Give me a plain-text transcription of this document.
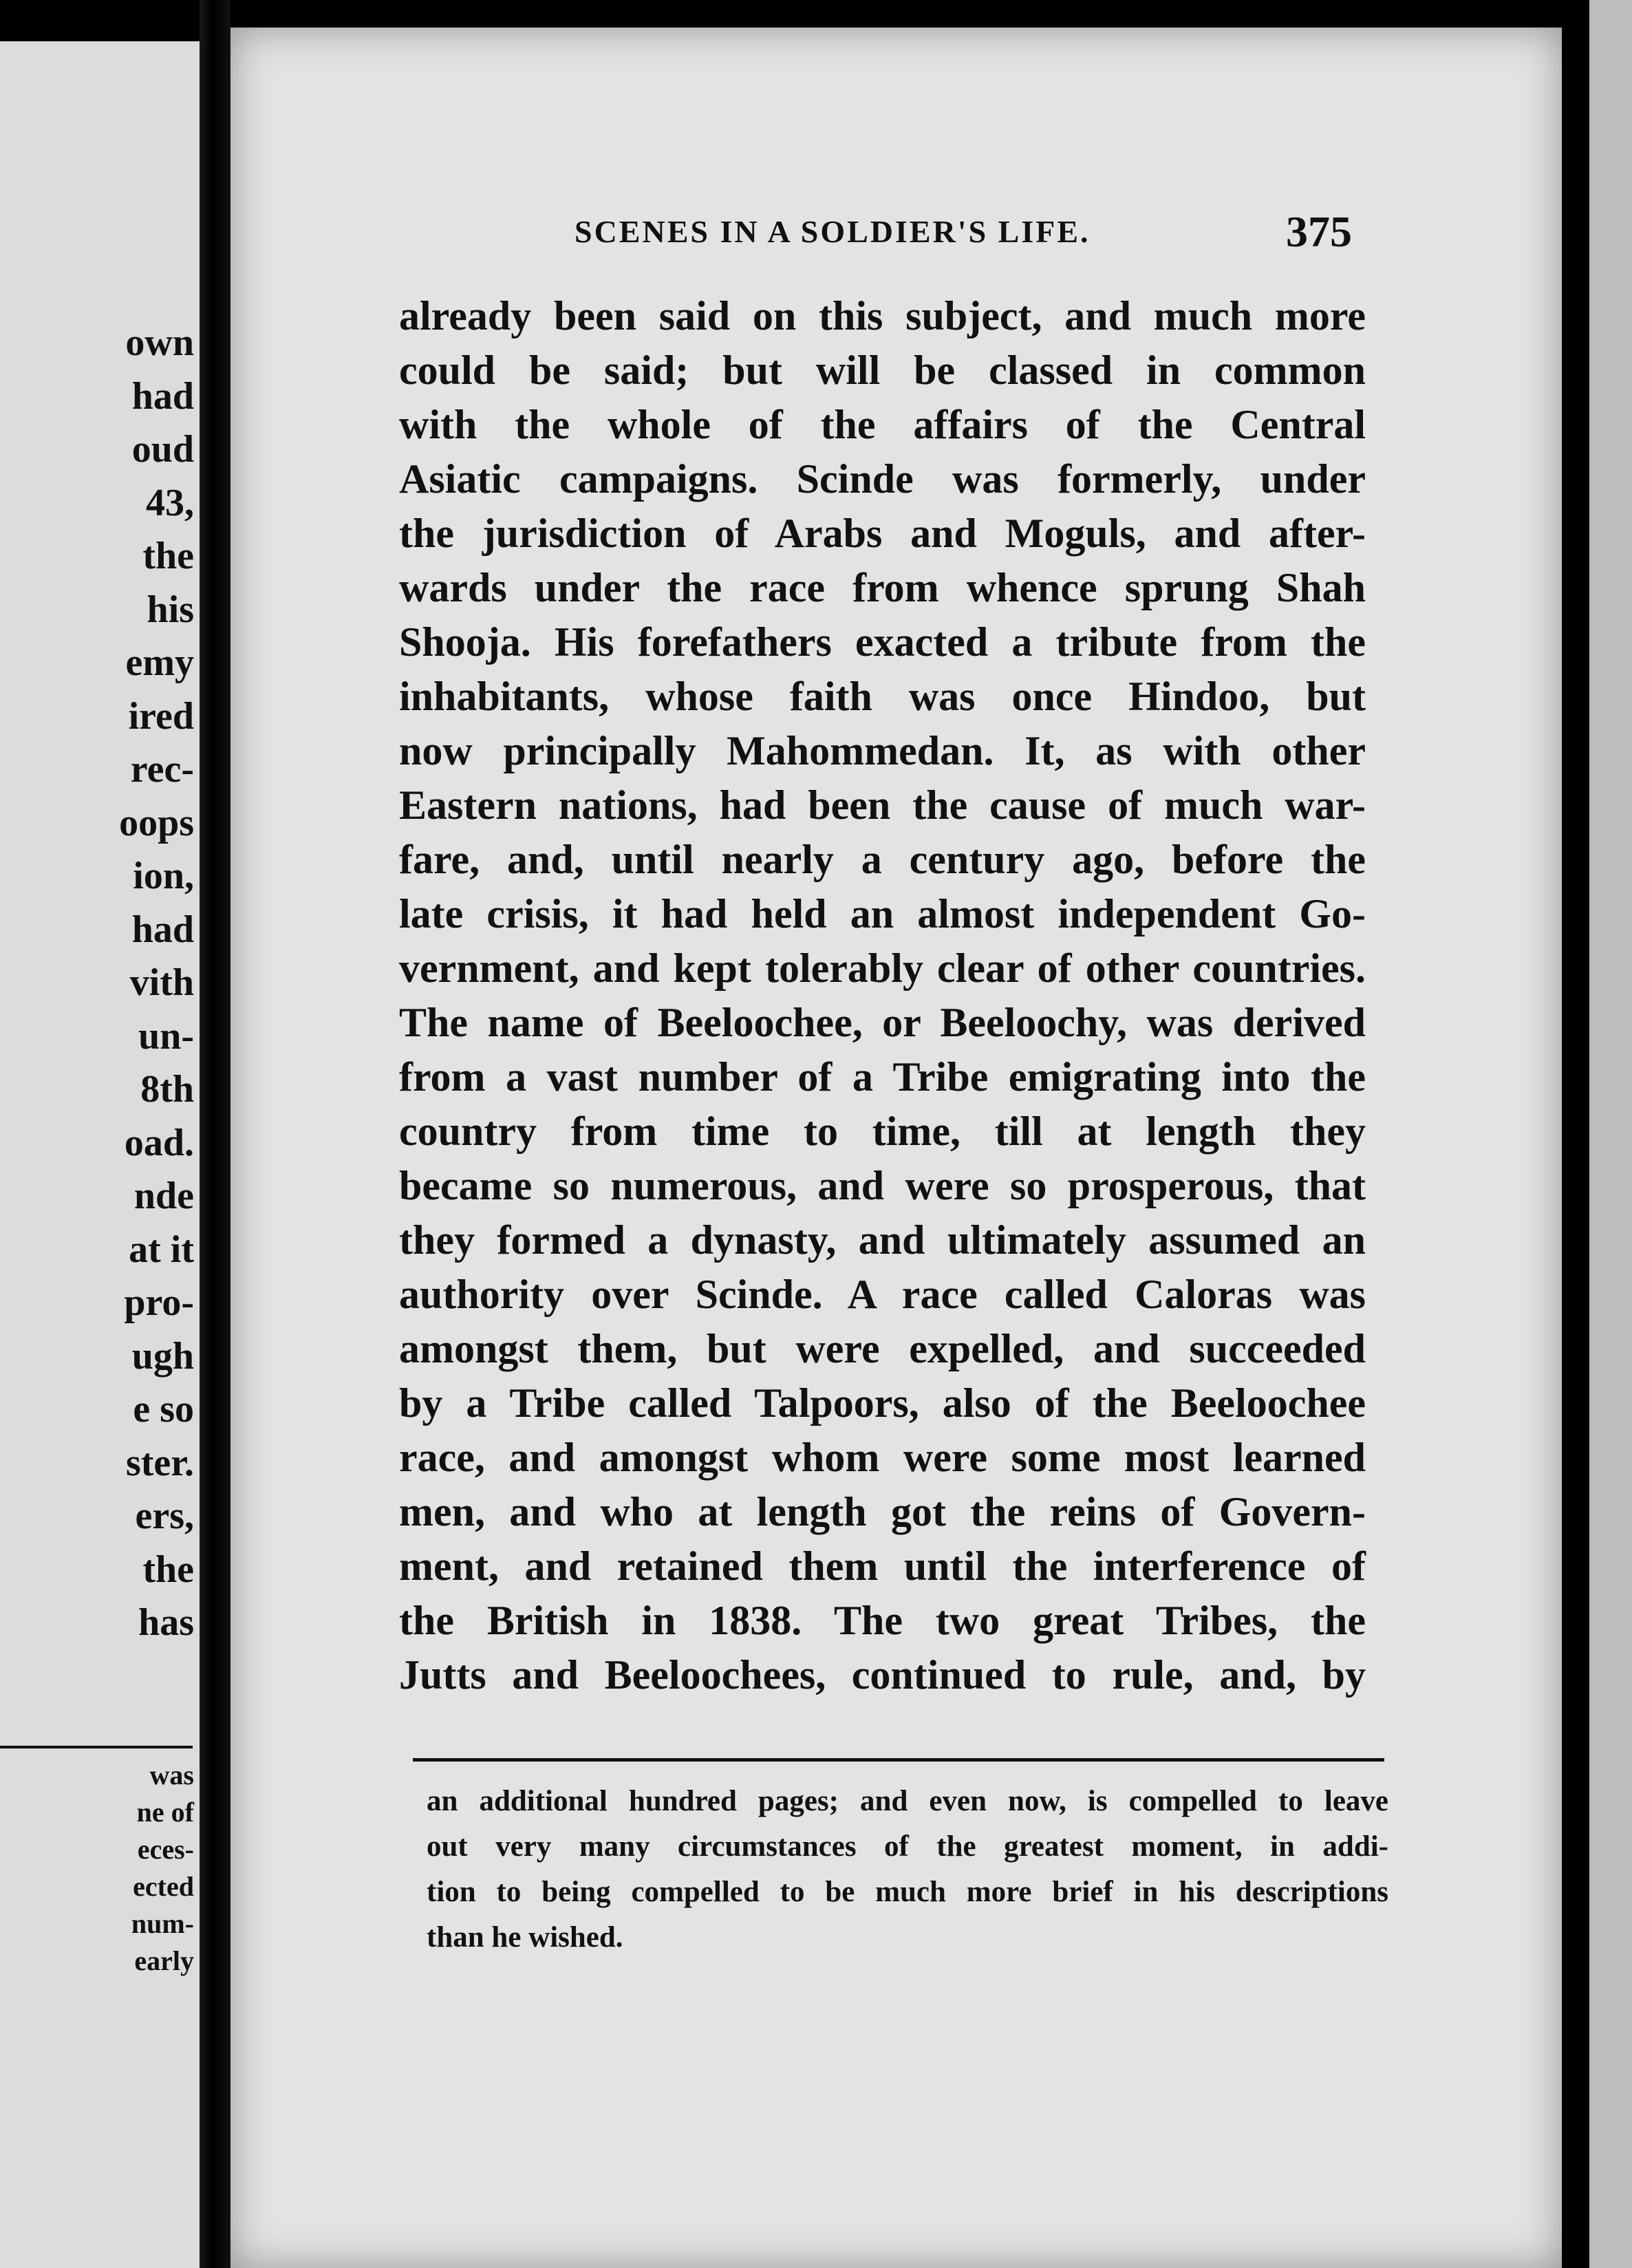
own
had
oud
43,
the
his
emy
ired
rec-
oops
ion,
had
vith
un-
8th
oad.
nde
at it
pro-
ugh
e so
ster.
ers,
the
has
was
ne of
eces-
ected
num-
early
SCENES IN A SOLDIER'S LIFE.	375
already been said on this subject, and much more
could be said; but will be classed in common
with the whole of the affairs of the Central
Asiatic campaigns. Scinde was formerly, under
the jurisdiction of Arabs and Moguls, and after-
wards under the race from whence sprung Shah
Shooja. His forefathers exacted a tribute from the
inhabitants, whose faith was once Hindoo, but
now principally Mahommedan. It, as with other
Eastern nations, had been the cause of much war-
fare, and, until nearly a century ago, before the
late crisis, it had held an almost independent Go-
vernment, and kept tolerably clear of other countries.
The name of Beeloochee, or Beeloochy, was derived
from a vast number of a Tribe emigrating into the
country from time to time, till at length they
became so numerous, and were so prosperous, that
they formed a dynasty, and ultimately assumed an
authority over Scinde. A race called Caloras was
amongst them, but were expelled, and succeeded
by a Tribe called Talpoors, also of the Beeloochee
race, and amongst whom were some most learned
men, and who at length got the reins of Govern-
ment, and retained them until the interference of
the British in 1838. The two great Tribes, the
Jutts and Beeloochees, continued to rule, and, by
an additional hundred pages; and even now, is compelled to leave
out very many circumstances of the greatest moment, in addi-
tion to being compelled to be much more brief in his descriptions
than he wished.
